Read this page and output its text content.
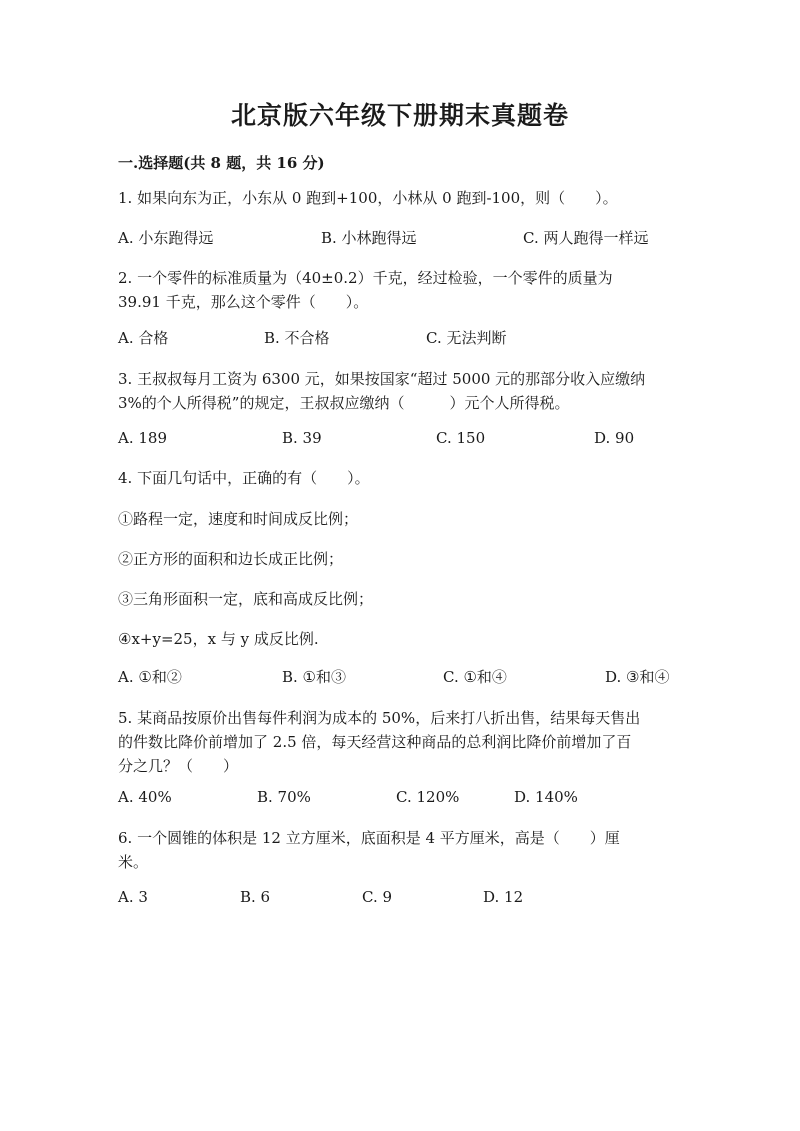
北京版六年级下册期末真题卷
一.选择题(共 8 题，共 16 分)
1. 如果向东为正，小东从 0 跑到+100，小林从 0 跑到-100，则（　　）。
A. 小东跑得远	B. 小林跑得远	C. 两人跑得一样远
2. 一个零件的标准质量为（40±0.2）千克，经过检验，一个零件的质量为
39.91 千克，那么这个零件（　　）。
A. 合格	B. 不合格	C. 无法判断
3. 王叔叔每月工资为 6300 元，如果按国家“超过 5000 元的那部分收入应缴纳
3%的个人所得税”的规定，王叔叔应缴纳（　　　）元个人所得税。
A. 189	B. 39	C. 150	D. 90
4. 下面几句话中，正确的有（　　）。
①路程一定，速度和时间成反比例；
②正方形的面积和边长成正比例；
③三角形面积一定，底和高成反比例；
④x+y=25，x 与 y 成反比例.
A. ①和②	B. ①和③	C. ①和④	D. ③和④
5. 某商品按原价出售每件利润为成本的 50%，后来打八折出售，结果每天售出
的件数比降价前增加了 2.5 倍，每天经营这种商品的总利润比降价前增加了百
分之几？（　　）
A. 40%	B. 70%	C. 120%	D. 140%
6. 一个圆锥的体积是 12 立方厘米，底面积是 4 平方厘米，高是（　　）厘
米。
A. 3	B. 6	C. 9	D. 12
